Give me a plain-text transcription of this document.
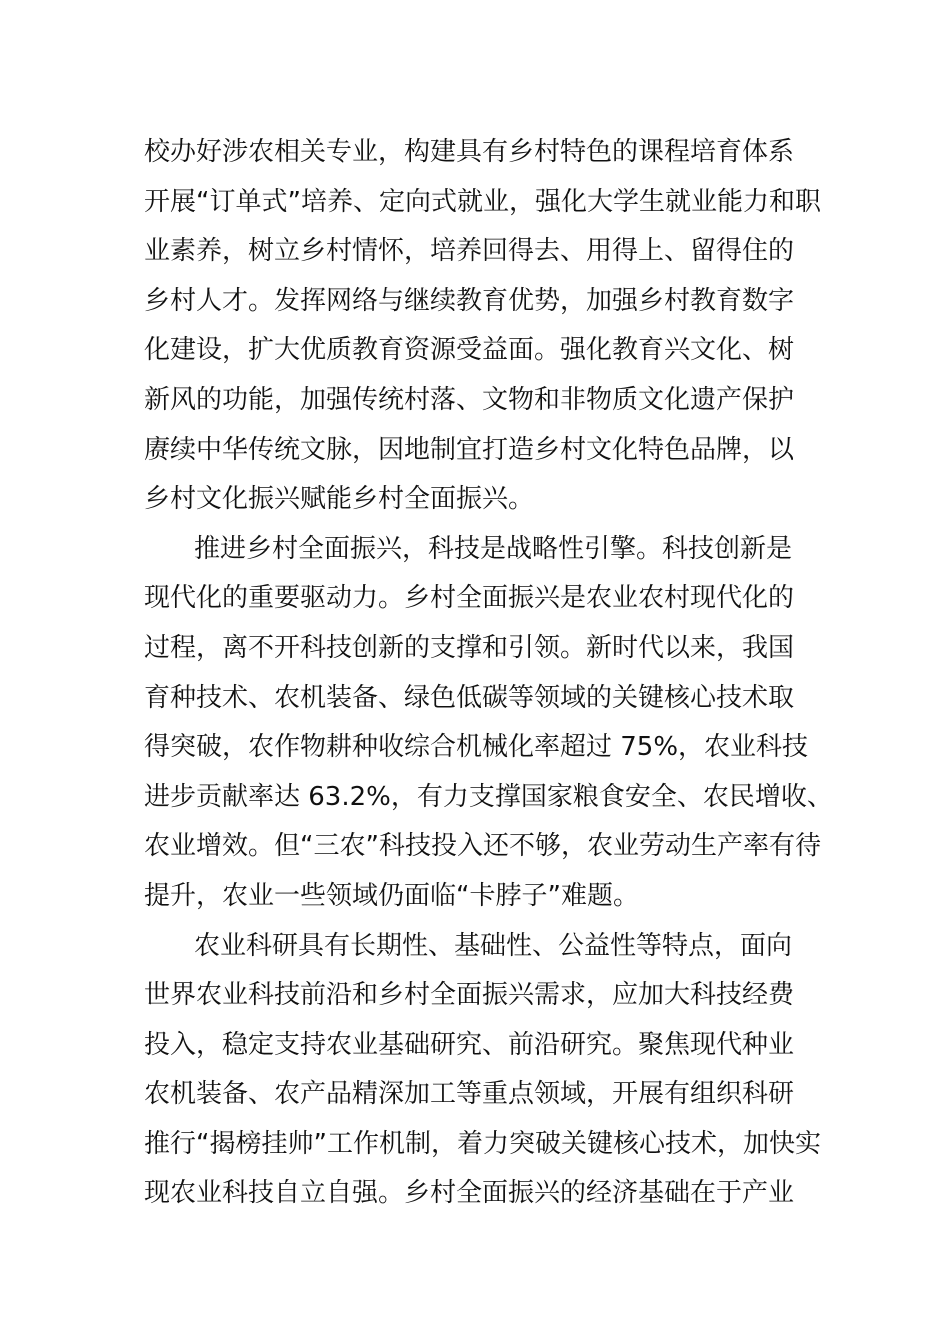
校办好涉农相关专业，构建具有乡村特色的课程培育体系
开展“订单式”培养、定向式就业，强化大学生就业能力和职
业素养，树立乡村情怀，培养回得去、用得上、留得住的
乡村人才。发挥网络与继续教育优势，加强乡村教育数字
化建设，扩大优质教育资源受益面。强化教育兴文化、树
新风的功能，加强传统村落、文物和非物质文化遗产保护
赓续中华传统文脉，因地制宜打造乡村文化特色品牌，以
乡村文化振兴赋能乡村全面振兴。
推进乡村全面振兴，科技是战略性引擎。科技创新是
现代化的重要驱动力。乡村全面振兴是农业农村现代化的
过程，离不开科技创新的支撑和引领。新时代以来，我国
育种技术、农机装备、绿色低碳等领域的关键核心技术取
得突破，农作物耕种收综合机械化率超过 75%，农业科技
进步贡献率达 63.2%，有力支撑国家粮食安全、农民增收、
农业增效。但“三农”科技投入还不够，农业劳动生产率有待
提升，农业一些领域仍面临“卡脖子”难题。
农业科研具有长期性、基础性、公益性等特点，面向
世界农业科技前沿和乡村全面振兴需求，应加大科技经费
投入，稳定支持农业基础研究、前沿研究。聚焦现代种业
农机装备、农产品精深加工等重点领域，开展有组织科研
推行“揭榜挂帅”工作机制，着力突破关键核心技术，加快实
现农业科技自立自强。乡村全面振兴的经济基础在于产业
